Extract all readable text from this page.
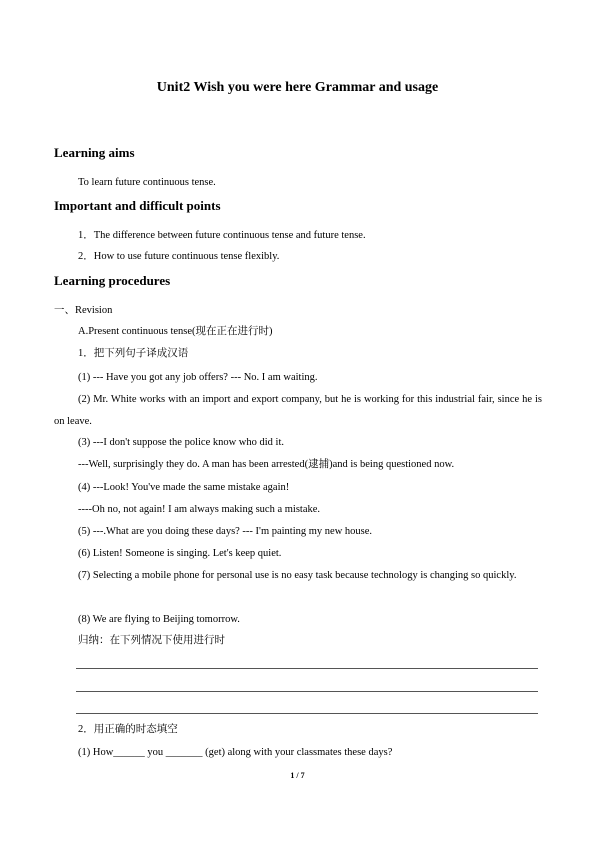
Unit2 Wish you were here Grammar and usage
Learning aims
To learn future continuous tense.
Important and difficult points
1．The difference between future continuous tense and future tense.
2．How to use future continuous tense flexibly.
Learning procedures
一、Revision
A.Present continuous tense(现在正在进行时)
1．把下列句子译成汉语
(1) --- Have you got any job offers? --- No. I am waiting.
(2) Mr. White works with an import and export company, but he is working for this industrial fair, since he is on leave.
(3) ---I don't suppose the police know who did it.
---Well, surprisingly they do. A man has been arrested(逮捕)and is being questioned now.
(4) ---Look! You've made the same mistake again!
----Oh no, not again! I am always making such a mistake.
(5) ---.What are you doing these days? --- I'm painting my new house.
(6) Listen! Someone is singing. Let's keep quiet.
(7) Selecting a mobile phone for personal use is no easy task because technology is changing so quickly.
(8) We are flying to Beijing tomorrow.
归纳：在下列情况下使用进行时
2．用正确的时态填空
(1) How______ you _______ (get) along with your classmates these days?
1 / 7
